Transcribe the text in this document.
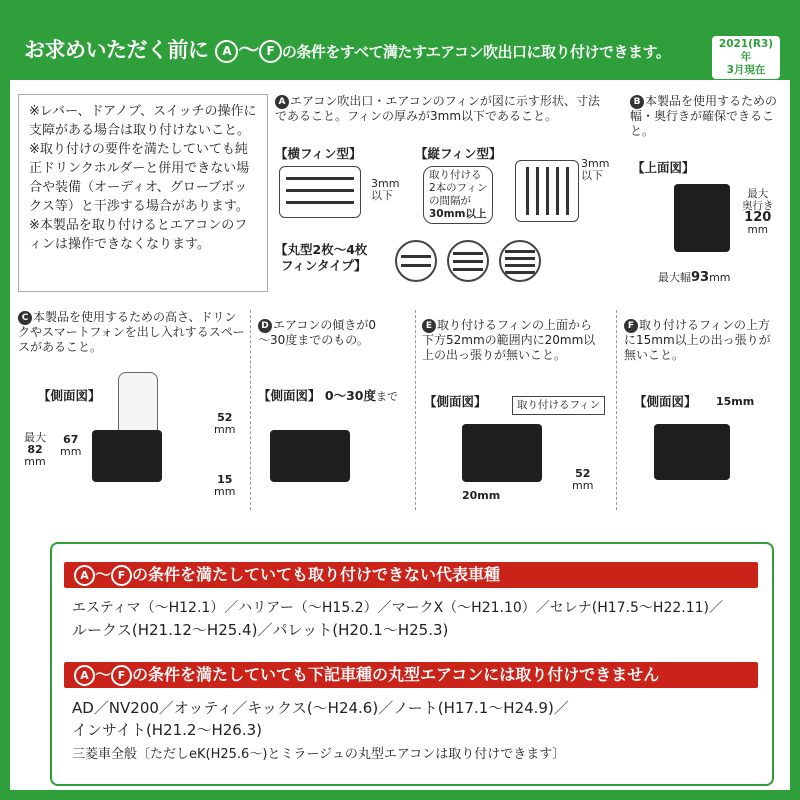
お求めいただく前に A ～ F の条件をすべて満たすエアコン吹出口に取り付けできます。	2021(R3)年
3月現在

※レバー、ドアノブ、スイッチの操作に支障がある場合は取り付けないこと。

※取り付けの要件を満たしていても純正ドリンクホルダーと併用できない場合や装備（オーディオ、グローブボックス等）と干渉する場合があります。

※本製品を取り付けるとエアコンのフィンは操作できなくなります。

A エアコン吹出口・エアコンのフィンが図に示す形状、寸法であること。フィンの厚みが3mm以下であること。
【横フィン型】
3mm
以下
【縦フィン型】
取り付ける
2本のフィン
の間隔が
30mm以上
3mm
以下
【丸型2枚～4枚
フィンタイプ】
B 本製品を使用するための幅・奥行きが確保できること。
【上面図】
最大
奥行き
120
mm
最大幅93mm
C 本製品を使用するための高さ、ドリンクやスマートフォンを出し入れするスペースがあること。
【側面図】
52
mm
67
mm
最大
82
mm
15
mm
D エアコンの傾きが0～30度までのもの。
【側面図】 0～30度まで
E 取り付けるフィンの上面から下方52mmの範囲内に20mm以上の出っ張りが無いこと。
【側面図】	取り付けるフィン
52
mm
20mm
F 取り付けるフィンの上方に15mm以上の出っ張りが無いこと。
【側面図】 15mm
A ～ F の条件を満たしていても取り付けできない代表車種
エスティマ（～H12.1）／ハリアー（～H15.2）／マークX（～H21.10）／セレナ(H17.5～H22.11)／
ルークス(H21.12～H25.4)／パレット(H20.1～H25.3)
A ～ F の条件を満たしていても下記車種の丸型エアコンには取り付けできません
AD／NV200／オッティ／キックス(～H24.6)／ノート(H17.1～H24.9)／
インサイト(H21.2～H26.3)
三菱車全般〔ただしeK(H25.6～)とミラージュの丸型エアコンは取り付けできます〕
